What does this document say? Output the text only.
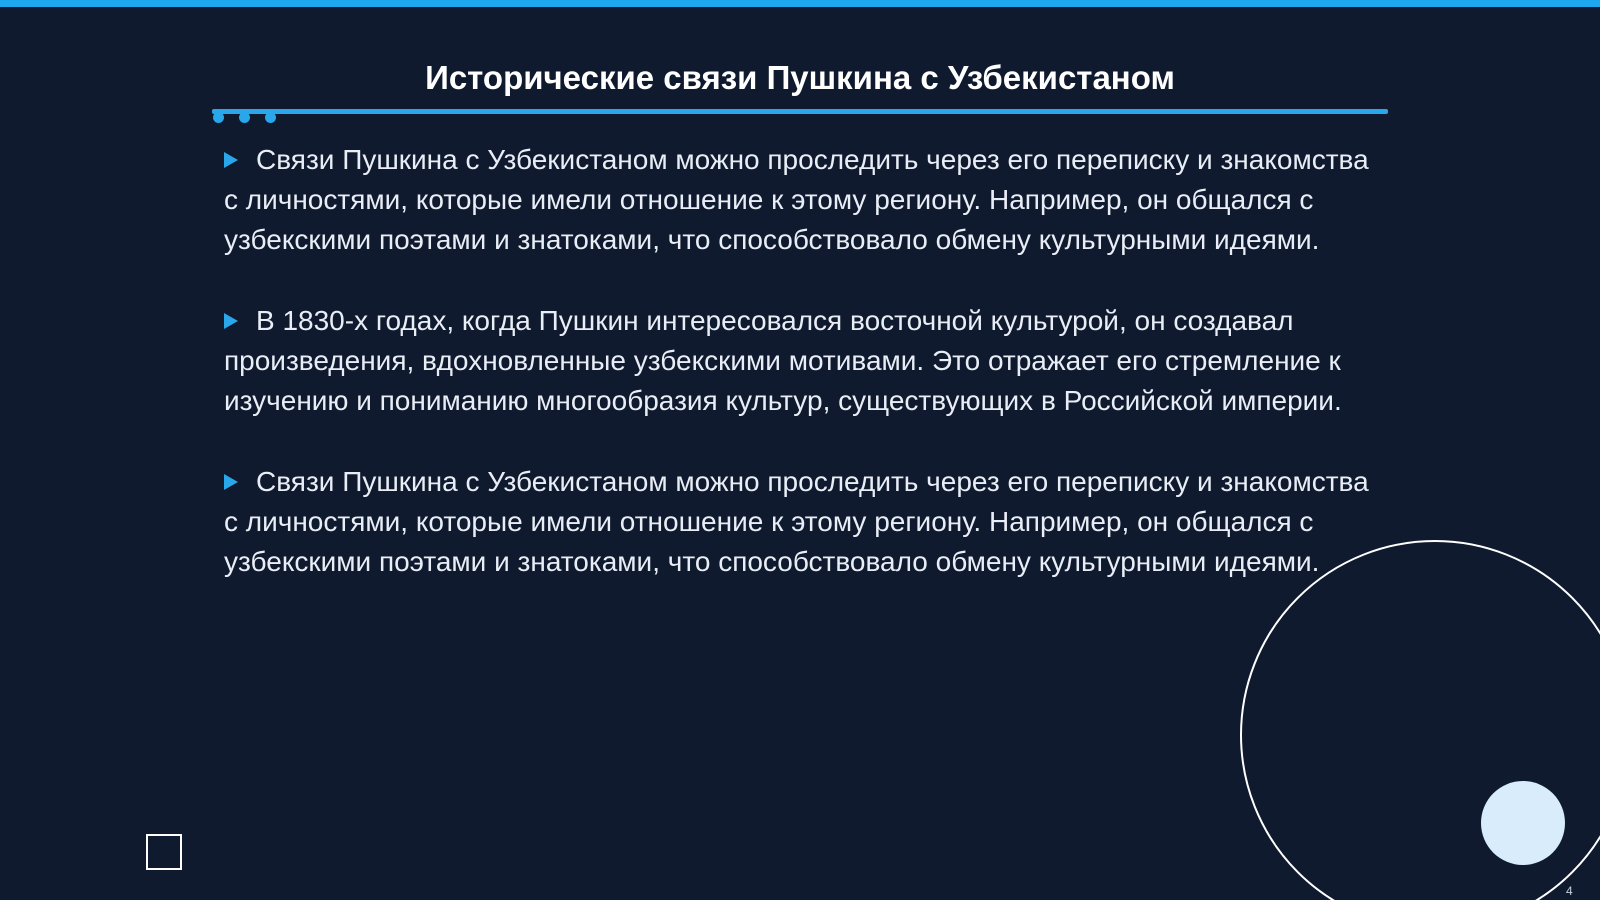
Исторические связи Пушкина с Узбекистаном

Связи Пушкина с Узбекистаном можно проследить через его переписку и знакомства с личностями, которые имели отношение к этому региону. Например, он общался с узбекскими поэтами и знатоками, что способствовало обмену культурными идеями.

В 1830-х годах, когда Пушкин интересовался восточной культурой, он создавал произведения, вдохновленные узбекскими мотивами. Это отражает его стремление к изучению и пониманию многообразия культур, существующих в Российской империи.

Связи Пушкина с Узбекистаном можно проследить через его переписку и знакомства с личностями, которые имели отношение к этому региону. Например, он общался с узбекскими поэтами и знатоками, что способствовало обмену культурными идеями.

4
